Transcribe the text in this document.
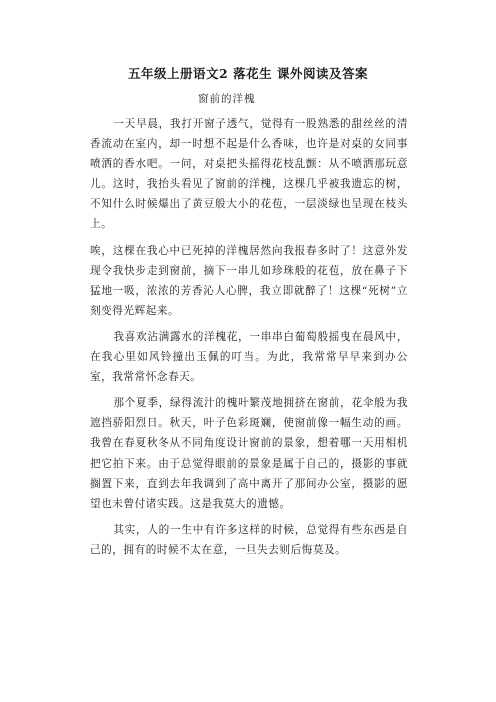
五年级上册语文2 落花生 课外阅读及答案
窗前的洋槐

一天早晨，我打开窗子透气，觉得有一股熟悉的甜丝丝的清香流动在室内，却一时想不起是什么香味，也许是对桌的女同事喷洒的香水吧。一问，对桌把头摇得花枝乱颤：从不喷洒那玩意儿。这时，我抬头看见了窗前的洋槐，这棵几乎被我遗忘的树，不知什么时候爆出了黄豆般大小的花苞，一层淡绿也呈现在枝头上。

唉，这棵在我心中已死掉的洋槐居然向我报春多时了！这意外发现令我快步走到窗前，摘下一串儿如珍珠般的花苞，放在鼻子下猛地一吸，浓浓的芳香沁人心脾，我立即就醉了！这棵“死树”立刻变得光辉起来。

我喜欢沾满露水的洋槐花，一串串白葡萄般摇曳在晨风中，在我心里如风铃撞出玉佩的叮当。为此，我常常早早来到办公室，我常常怀念春天。

那个夏季，绿得流汁的槐叶繁茂地拥挤在窗前，花伞般为我遮挡骄阳烈日。秋天，叶子色彩斑斓，使窗前像一幅生动的画。我曾在春夏秋冬从不同角度设计窗前的景象，想着哪一天用相机把它拍下来。由于总觉得眼前的景象是属于自己的，摄影的事就搁置下来，直到去年我调到了高中离开了那间办公室，摄影的愿望也未曾付诸实践。这是我莫大的遗憾。

其实，人的一生中有许多这样的时候，总觉得有些东西是自己的，拥有的时候不太在意，一旦失去则后悔莫及。
